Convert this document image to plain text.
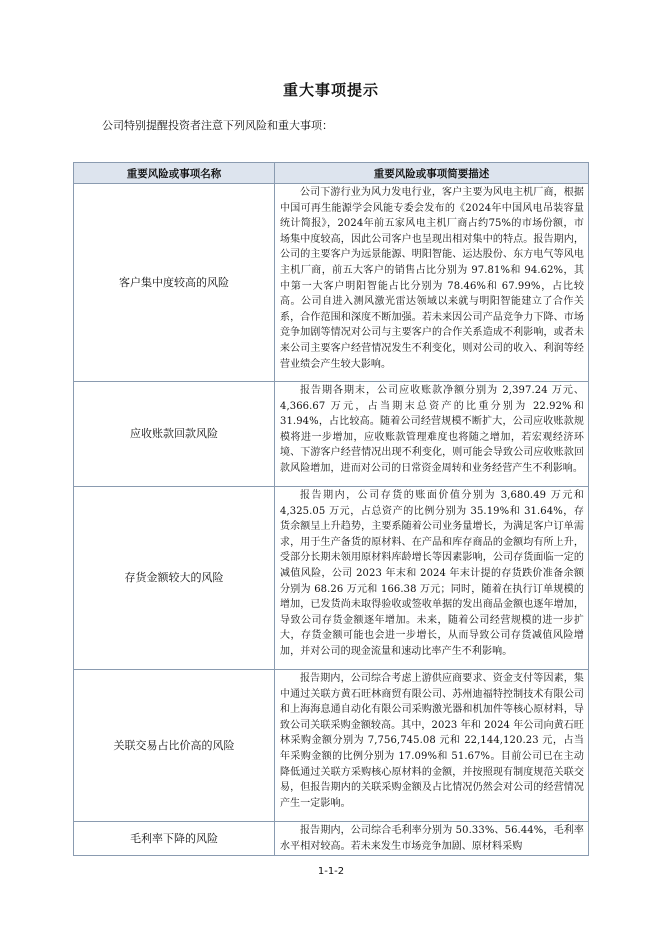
重大事项提示
公司特别提醒投资者注意下列风险和重大事项：
重要风险或事项名称	重要风险或事项简要描述
客户集中度较高的风险	公司下游行业为风力发电行业，客户主要为风电主机厂商，根据中国可再生能源学会风能专委会发布的《2024年中国风电吊装容量统计简报》，2024年前五家风电主机厂商占约75%的市场份额，市场集中度较高，因此公司客户也呈现出相对集中的特点。报告期内，公司的主要客户为远景能源、明阳智能、运达股份、东方电气等风电主机厂商，前五大客户的销售占比分别为 97.81%和 94.62%，其中第一大客户明阳智能占比分别为 78.46%和 67.99%，占比较高。公司自进入测风激光雷达领域以来就与明阳智能建立了合作关系，合作范围和深度不断加强。若未来因公司产品竞争力下降、市场竞争加剧等情况对公司与主要客户的合作关系造成不利影响，或者未来公司主要客户经营情况发生不利变化，则对公司的收入、利润等经营业绩会产生较大影响。
应收账款回款风险	报告期各期末，公司应收账款净额分别为 2,397.24 万元、4,366.67 万元，占当期末总资产的比重分别为 22.92%和 31.94%，占比较高。随着公司经营规模不断扩大，公司应收账款规模将进一步增加，应收账款管理难度也将随之增加，若宏观经济环境、下游客户经营情况出现不利变化，则可能会导致公司应收账款回款风险增加，进而对公司的日常资金周转和业务经营产生不利影响。
存货金额较大的风险	报告期内，公司存货的账面价值分别为 3,680.49 万元和 4,325.05 万元，占总资产的比例分别为 35.19%和 31.64%，存货余额呈上升趋势，主要系随着公司业务量增长，为满足客户订单需求，用于生产备货的原材料、在产品和库存商品的金额均有所上升，受部分长期未领用原材料库龄增长等因素影响，公司存货面临一定的减值风险，公司 2023 年末和 2024 年末计提的存货跌价准备余额分别为 68.26 万元和 166.38 万元；同时，随着在执行订单规模的增加，已发货尚未取得验收或签收单据的发出商品金额也逐年增加，导致公司存货金额逐年增加。未来，随着公司经营规模的进一步扩大，存货金额可能也会进一步增长，从而导致公司存货减值风险增加，并对公司的现金流量和速动比率产生不利影响。
关联交易占比价高的风险	报告期内，公司综合考虑上游供应商要求、资金支付等因素，集中通过关联方黄石旺林商贸有限公司、苏州迪福特控制技术有限公司和上海海息通自动化有限公司采购激光器和机加件等核心原材料，导致公司关联采购金额较高。其中，2023 年和 2024 年公司向黄石旺林采购金额分别为 7,756,745.08 元和 22,144,120.23 元，占当年采购金额的比例分别为 17.09%和 51.67%。目前公司已在主动降低通过关联方采购核心原材料的金额，并按照现有制度规范关联交易，但报告期内的关联采购金额及占比情况仍然会对公司的经营情况产生一定影响。
毛利率下降的风险	报告期内，公司综合毛利率分别为 50.33%、56.44%，毛利率水平相对较高。若未来发生市场竞争加剧、原材料采购
1-1-2
